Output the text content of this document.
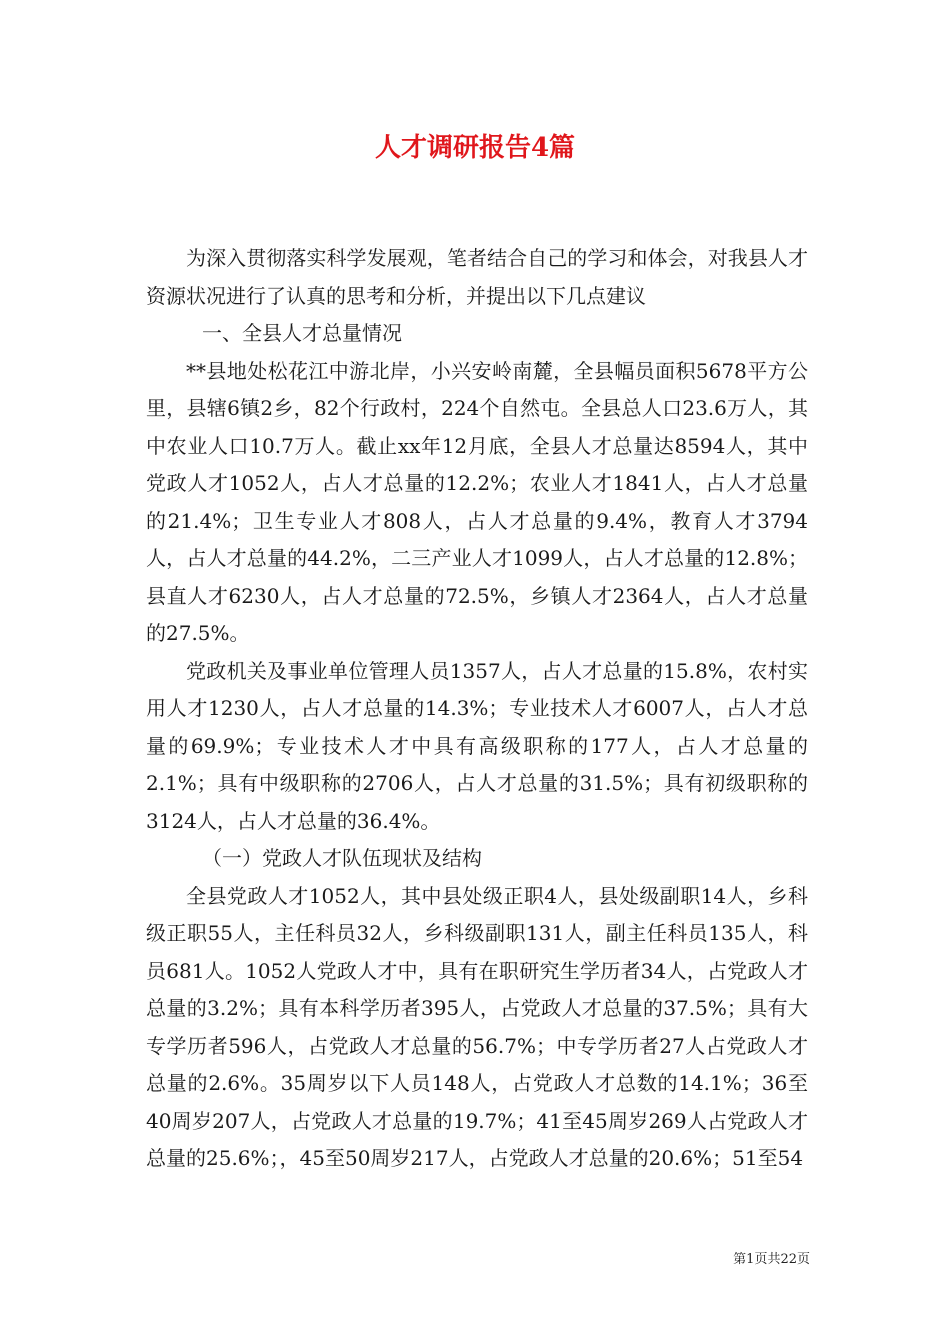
人才调研报告4篇

为深入贯彻落实科学发展观，笔者结合自己的学习和体会，对我县人才资源状况进行了认真的思考和分析，并提出以下几点建议

一、全县人才总量情况

**县地处松花江中游北岸，小兴安岭南麓，全县幅员面积5678平方公里，县辖6镇2乡，82个行政村，224个自然屯。全县总人口23.6万人，其中农业人口10.7万人。截止xx年12月底，全县人才总量达8594人，其中党政人才1052人，占人才总量的12.2%；农业人才1841人，占人才总量的21.4%；卫生专业人才808人，占人才总量的9.4%，教育人才3794人，占人才总量的44.2%，二三产业人才1099人，占人才总量的12.8%；县直人才6230人，占人才总量的72.5%，乡镇人才2364人，占人才总量的27.5%。

党政机关及事业单位管理人员1357人，占人才总量的15.8%，农村实用人才1230人，占人才总量的14.3%；专业技术人才6007人，占人才总量的69.9%；专业技术人才中具有高级职称的177人，占人才总量的2.1%；具有中级职称的2706人，占人才总量的31.5%；具有初级职称的3124人，占人才总量的36.4%。

（一）党政人才队伍现状及结构

全县党政人才1052人，其中县处级正职4人，县处级副职14人，乡科级正职55人，主任科员32人，乡科级副职131人，副主任科员135人，科员681人。1052人党政人才中，具有在职研究生学历者34人，占党政人才总量的3.2%；具有本科学历者395人，占党政人才总量的37.5%；具有大专学历者596人，占党政人才总量的56.7%；中专学历者27人占党政人才总量的2.6%。35周岁以下人员148人，占党政人才总数的14.1%；36至40周岁207人，占党政人才总量的19.7%；41至45周岁269人占党政人才总量的25.6%；，45至50周岁217人，占党政人才总量的20.6%；51至54

第1页共22页
